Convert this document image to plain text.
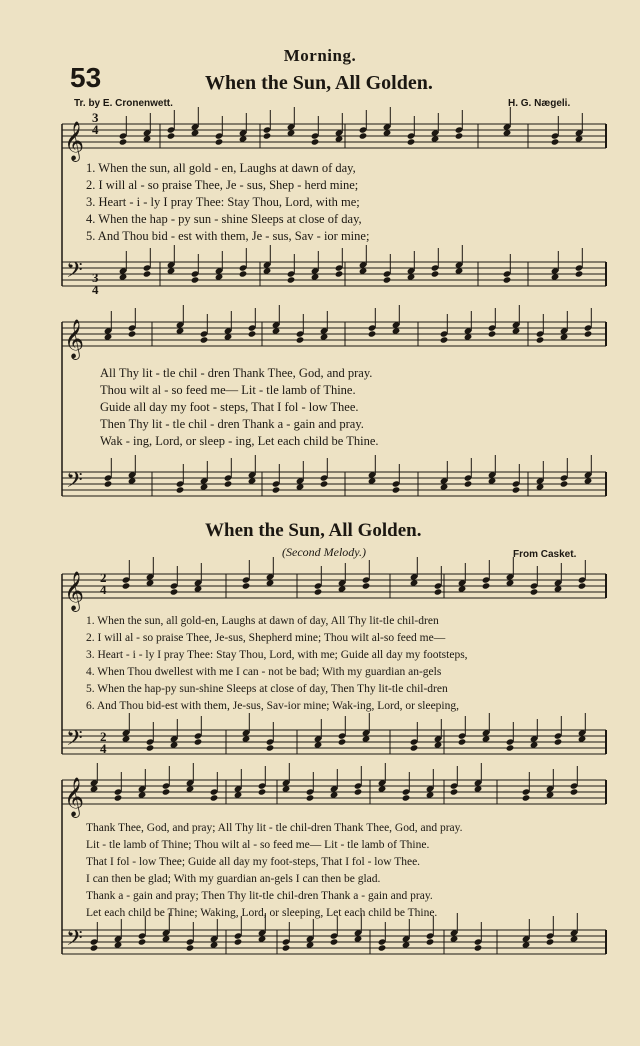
Morning.
53	When the Sun, All Golden.
Tr. by E. Cronenwett.	H. G. Nægeli.
𝄞
𝄢
𝄞
𝄢
𝄞
𝄢
𝄞
𝄢
3
4
3
4
2
4
2
4
1. When the sun, all gold - en, Laughs at dawn of day,
2. I will al - so praise Thee, Je - sus, Shep - herd mine;
3. Heart - i - ly I pray Thee: Stay Thou, Lord, with me;
4. When the hap - py sun - shine Sleeps at close of day,
5. And Thou bid - est with them, Je - sus, Sav - ior mine;
All Thy lit - tle chil - dren Thank Thee, God, and pray.
Thou wilt al - so feed me— Lit - tle lamb of Thine.
Guide all day my foot - steps, That I fol - low Thee.
Then Thy lit - tle chil - dren Thank a - gain and pray.
Wak - ing, Lord, or sleep - ing, Let each child be Thine.
When the Sun, All Golden.
(Second Melody.)	From Casket.
1. When the sun, all gold-en, Laughs at dawn of day, All Thy lit-tle chil-dren
2. I will al - so praise Thee, Je-sus, Shepherd mine; Thou wilt al-so feed me—
3. Heart - i - ly I pray Thee: Stay Thou, Lord, with me; Guide all day my footsteps,
4. When Thou dwellest with me I can - not be bad; With my guardian an-gels
5. When the hap-py sun-shine Sleeps at close of day, Then Thy lit-tle chil-dren
6. And Thou bid-est with them, Je-sus, Sav-ior mine; Wak-ing, Lord, or sleeping,
Thank Thee, God, and pray; All Thy lit - tle chil-dren Thank Thee, God, and pray.
Lit - tle lamb of Thine; Thou wilt al - so feed me— Lit - tle lamb of Thine.
That I fol - low Thee; Guide all day my foot-steps, That I fol - low Thee.
I can then be glad; With my guardian an-gels I can then be glad.
Thank a - gain and pray; Then Thy lit-tle chil-dren Thank a - gain and pray.
Let each child be Thine; Waking, Lord, or sleeping, Let each child be Thine.
